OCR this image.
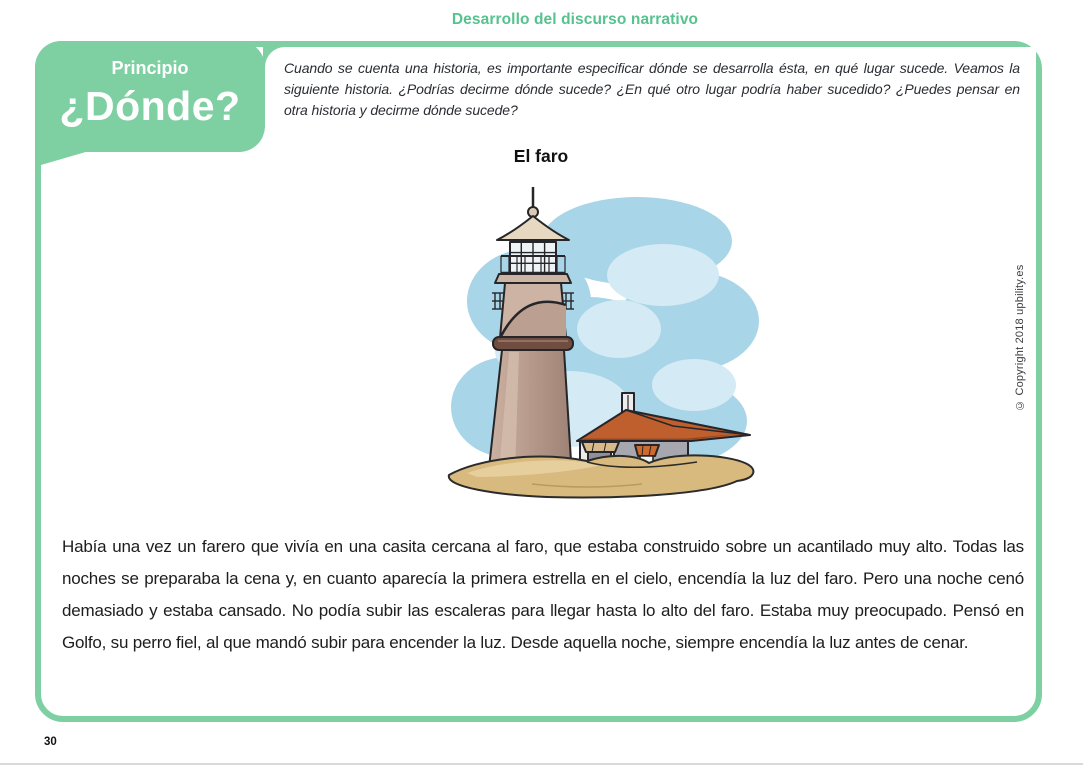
Desarrollo del discurso narrativo
Principio
¿Dónde?
Cuando se cuenta una historia, es importante especificar dónde se desarrolla ésta, en qué lugar sucede. Veamos la siguiente historia. ¿Podrías decirme dónde sucede? ¿En qué otro lugar podría haber sucedido? ¿Puedes pensar en otra historia y decirme dónde sucede?
El faro
Había una vez un farero que vivía en una casita cercana al faro, que estaba construido sobre un acantilado muy alto. Todas las noches se preparaba la cena y, en cuanto aparecía la primera estrella en el cielo, encendía la luz del faro. Pero una noche cenó demasiado y estaba cansado. No podía subir las escaleras para llegar hasta lo alto del faro. Estaba muy preocupado. Pensó en Golfo, su perro fiel, al que mandó subir para encender la luz. Desde aquella noche, siempre encendía la luz antes de cenar.
© Copyright 2018 upbility.es
30
